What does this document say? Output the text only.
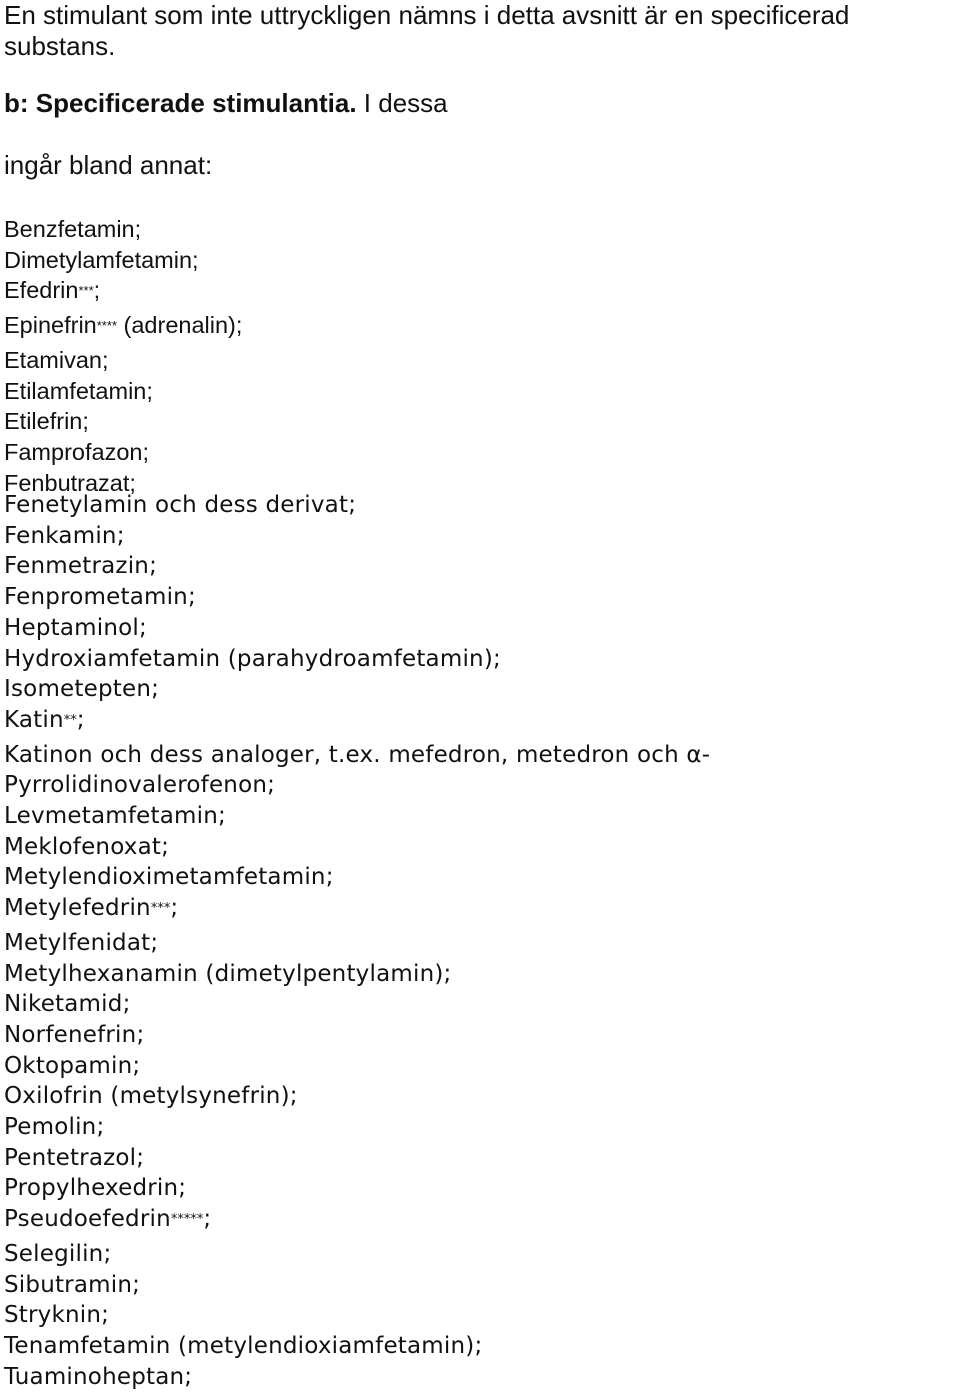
En stimulant som inte uttryckligen nämns i detta avsnitt är en specificerad

substans.

b: Specificerade stimulantia. I dessa
ingår bland annat:
Benzfetamin;
Dimetylamfetamin;
Efedrin***;
Epinefrin**** (adrenalin);
Etamivan;
Etilamfetamin;
Etilefrin;
Famprofazon;
Fenbutrazat;
Fenetylamin och dess derivat;
Fenkamin;
Fenmetrazin;
Fenprometamin;
Heptaminol;
Hydroxiamfetamin (parahydroamfetamin);
Isometepten;
Katin**;
Katinon och dess analoger, t.ex. mefedron, metedron och α-
Pyrrolidinovalerofenon;
Levmetamfetamin;
Meklofenoxat;
Metylendioximetamfetamin;
Metylefedrin***;
Metylfenidat;
Metylhexanamin (dimetylpentylamin);
Niketamid;
Norfenefrin;
Oktopamin;
Oxilofrin (metylsynefrin);
Pemolin;
Pentetrazol;
Propylhexedrin;
Pseudoefedrin*****;
Selegilin;
Sibutramin;
Stryknin;
Tenamfetamin (metylendioxiamfetamin);
Tuaminoheptan;
